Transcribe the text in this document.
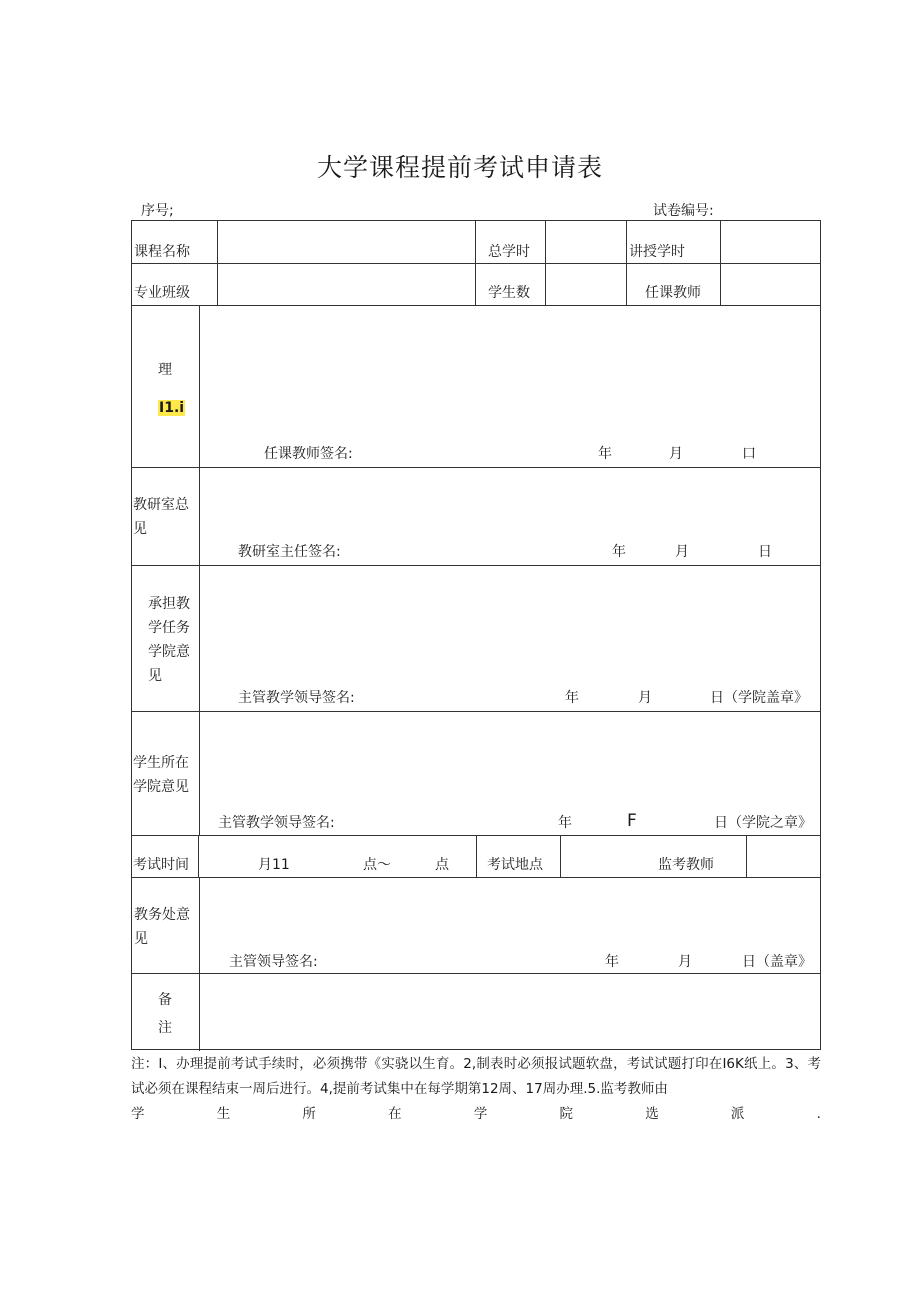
大学课程提前考试申请表
序号;	试卷编号:
课程名称	总学时	讲授学时
专业班级	学生数	任课教师
理
I1.i
任课教师签名:	年	月	口
教研室总见
教研室主任签名:	年	月	日
承担教学任务学院意见
主管教学领导签名:	年	月	日（学院盖章》
学生所在学院意见
主管教学领导签名:	年	F	日（学院之章》
考试时间	月11	点〜	点	考试地点	监考教师
教务处意见
主管领导签名:	年	月	日（盖章》
备
注
注：I、办理提前考试手续时，必须携带《实骁以生育。2,制表时必须报试题软盘，考试试题打印在I6K纸上。3、考试必须在课程结束一周后进行。4,提前考试集中在每学期第12周、17周办理.5.监考教师由
学	生	所	在	学	院	选	派	.
